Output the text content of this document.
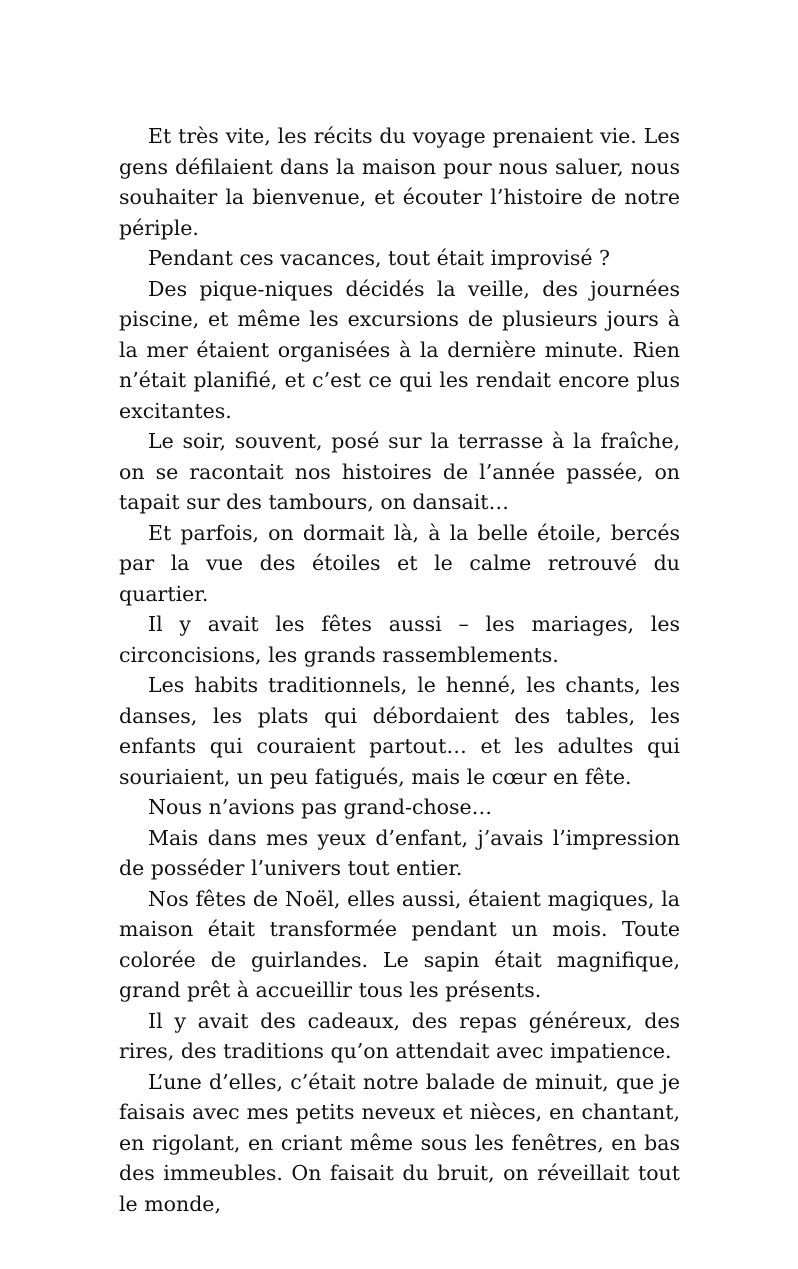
Et très vite, les récits du voyage prenaient vie. Les gens défilaient dans la maison pour nous saluer, nous souhaiter la bienvenue, et écouter l’histoire de notre périple.

Pendant ces vacances, tout était improvisé ?

Des pique-niques décidés la veille, des journées piscine, et même les excursions de plusieurs jours à la mer étaient organisées à la dernière minute. Rien n’était planifié, et c’est ce qui les rendait encore plus excitantes.

Le soir, souvent, posé sur la terrasse à la fraîche, on se racontait nos histoires de l’année passée, on tapait sur des tambours, on dansait…

Et parfois, on dormait là, à la belle étoile, bercés par la vue des étoiles et le calme retrouvé du quartier.

Il y avait les fêtes aussi – les mariages, les circoncisions, les grands rassemblements.

Les habits traditionnels, le henné, les chants, les danses, les plats qui débordaient des tables, les enfants qui couraient partout… et les adultes qui souriaient, un peu fatigués, mais le cœur en fête.

Nous n’avions pas grand-chose…

Mais dans mes yeux d’enfant, j’avais l’impression de posséder l’univers tout entier.

Nos fêtes de Noël, elles aussi, étaient magiques, la maison était transformée pendant un mois. Toute colorée de guirlandes. Le sapin était magnifique, grand prêt à accueillir tous les présents.

Il y avait des cadeaux, des repas généreux, des rires, des traditions qu’on attendait avec impatience.

L’une d’elles, c’était notre balade de minuit, que je faisais avec mes petits neveux et nièces, en chantant, en rigolant, en criant même sous les fenêtres, en bas des immeubles. On faisait du bruit, on réveillait tout le monde,
